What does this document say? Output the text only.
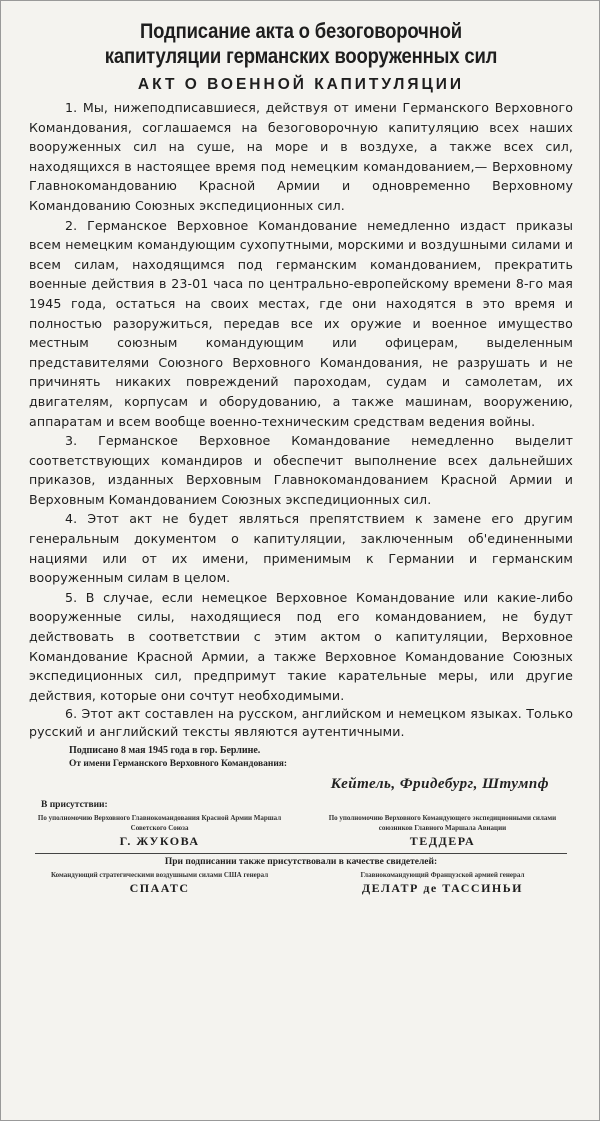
Подписание акта о безоговорочной
капитуляции германских вооруженных сил
АКТ О ВОЕННОЙ КАПИТУЛЯЦИИ

1. Мы, нижеподписавшиеся, действуя от имени Германского Верховного Командования, соглашаемся на безоговорочную капитуляцию всех наших вооруженных сил на суше, на море и в воздухе, а также всех сил, находящихся в настоящее время под немецким командованием,— Верховному Главнокомандованию Красной Армии и одновременно Верховному Командованию Союзных экспедиционных сил.

2. Германское Верховное Командование немедленно издаст приказы всем немецким командующим сухопутными, морскими и воздушными силами и всем силам, находящимся под германским командованием, прекратить военные действия в 23-01 часа по центрально-европейскому времени 8-го мая 1945 года, остаться на своих местах, где они находятся в это время и полностью разоружиться, передав все их оружие и военное имущество местным союзным командующим или офицерам, выделенным представителями Союзного Верховного Командования, не разрушать и не причинять никаких повреждений пароходам, судам и самолетам, их двигателям, корпусам и оборудованию, а также машинам, вооружению, аппаратам и всем вообще военно-техническим средствам ведения войны.

3. Германское Верховное Командование немедленно выделит соответствующих командиров и обеспечит выполнение всех дальнейших приказов, изданных Верховным Главнокомандованием Красной Армии и Верховным Командованием Союзных экспедиционных сил.

4. Этот акт не будет являться препятствием к замене его другим генеральным документом о капитуляции, заключенным об'единенными нациями или от их имени, применимым к Германии и германским вооруженным силам в целом.

5. В случае, если немецкое Верховное Командование или какие-либо вооруженные силы, находящиеся под его командованием, не будут действовать в соответствии с этим актом о капитуляции, Верховное Командование Красной Армии, а также Верховное Командование Союзных экспедиционных сил, предпримут такие карательные меры, или другие действия, которые они сочтут необходимыми.

6. Этот акт составлен на русском, английском и немецком языках. Только русский и английский тексты являются аутентичными.

Подписано 8 мая 1945 года в гор. Берлине.
От имени Германского Верховного Командования:
Кейтель, Фридебург, Штумпф
В присутствии:
По уполномочию Верховного Главнокомандования Красной Армии Маршал Советского Союза
Г. ЖУКОВА
По уполномочию Верховного Командующего экспедиционными силами союзников Главного Маршала Авиации
ТЕДДЕРА
При подписании также присутствовали в качестве свидетелей:
Командующий стратегическими воздушными силами США генерал
СПААТС
Главнокомандующий Французской армией генерал
ДЕЛАТР де ТАССИНЬИ
